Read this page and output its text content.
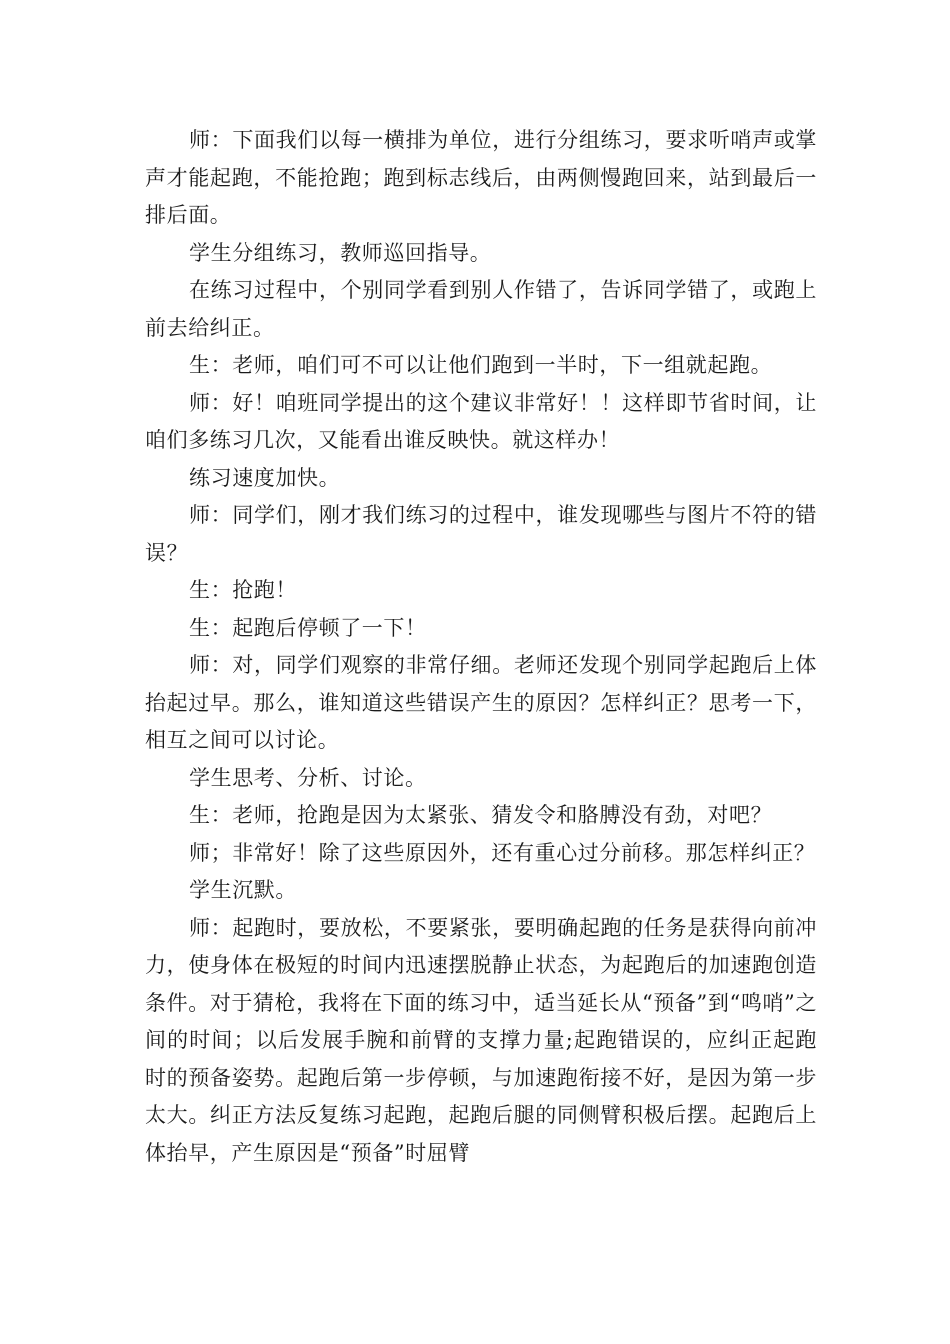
师：下面我们以每一横排为单位，进行分组练习，要求听哨声或掌声才能起跑，不能抢跑；跑到标志线后，由两侧慢跑回来，站到最后一排后面。

学生分组练习，教师巡回指导。

在练习过程中，个别同学看到别人作错了，告诉同学错了，或跑上前去给纠正。

生：老师，咱们可不可以让他们跑到一半时，下一组就起跑。

师：好！咱班同学提出的这个建议非常好！！这样即节省时间，让咱们多练习几次，又能看出谁反映快。就这样办！

练习速度加快。

师：同学们，刚才我们练习的过程中，谁发现哪些与图片不符的错误？

生：抢跑！

生：起跑后停顿了一下！

师：对，同学们观察的非常仔细。老师还发现个别同学起跑后上体抬起过早。那么，谁知道这些错误产生的原因？怎样纠正？思考一下，相互之间可以讨论。

学生思考、分析、讨论。

生：老师，抢跑是因为太紧张、猜发令和胳膊没有劲，对吧？

师；非常好！除了这些原因外，还有重心过分前移。那怎样纠正？

学生沉默。

师：起跑时，要放松，不要紧张，要明确起跑的任务是获得向前冲力，使身体在极短的时间内迅速摆脱静止状态，为起跑后的加速跑创造条件。对于猜枪，我将在下面的练习中，适当延长从“预备”到“鸣哨”之间的时间；以后发展手腕和前臂的支撑力量;起跑错误的，应纠正起跑时的预备姿势。起跑后第一步停顿，与加速跑衔接不好，是因为第一步太大。纠正方法反复练习起跑，起跑后腿的同侧臂积极后摆。起跑后上体抬早，产生原因是“预备”时屈臂
